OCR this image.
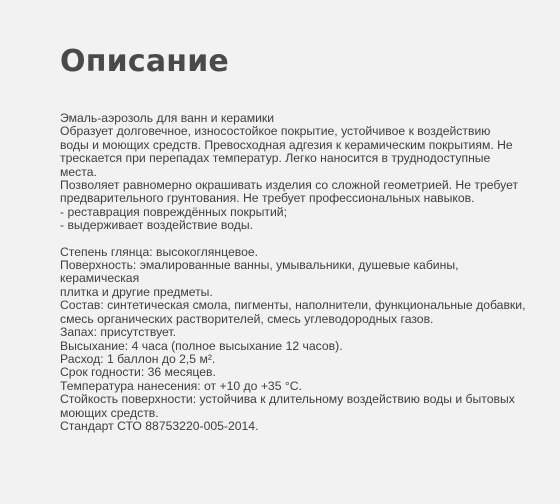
Описание

Эмаль-аэрозоль для ванн и керамики

Образует долговечное, износостойкое покрытие, устойчивое к воздействию

воды и моющих средств. Превосходная адгезия к керамическим покрытиям. Не

трескается при перепадах температур. Легко наносится в труднодоступные места.

Позволяет равномерно окрашивать изделия со сложной геометрией. Не требует

предварительного грунтования. Не требует профессиональных навыков.

- реставрация повреждённых покрытий;

- выдерживает воздействие воды.

Степень глянца: высокоглянцевое.

Поверхность: эмалированные ванны, умывальники, душевые кабины, керамическая

плитка и другие предметы.

Состав: синтетическая смола, пигменты, наполнители, функциональные добавки,

смесь органических растворителей, смесь углеводородных газов.

Запах: присутствует.

Высыхание: 4 часа (полное высыхание 12 часов).

Расход: 1 баллон до 2,5 м².

Срок годности: 36 месяцев.

Температура нанесения: от +10 до +35 °С.

Стойкость поверхности: устойчива к длительному воздействию воды и бытовых

моющих средств.

Стандарт СТО 88753220-005-2014.
